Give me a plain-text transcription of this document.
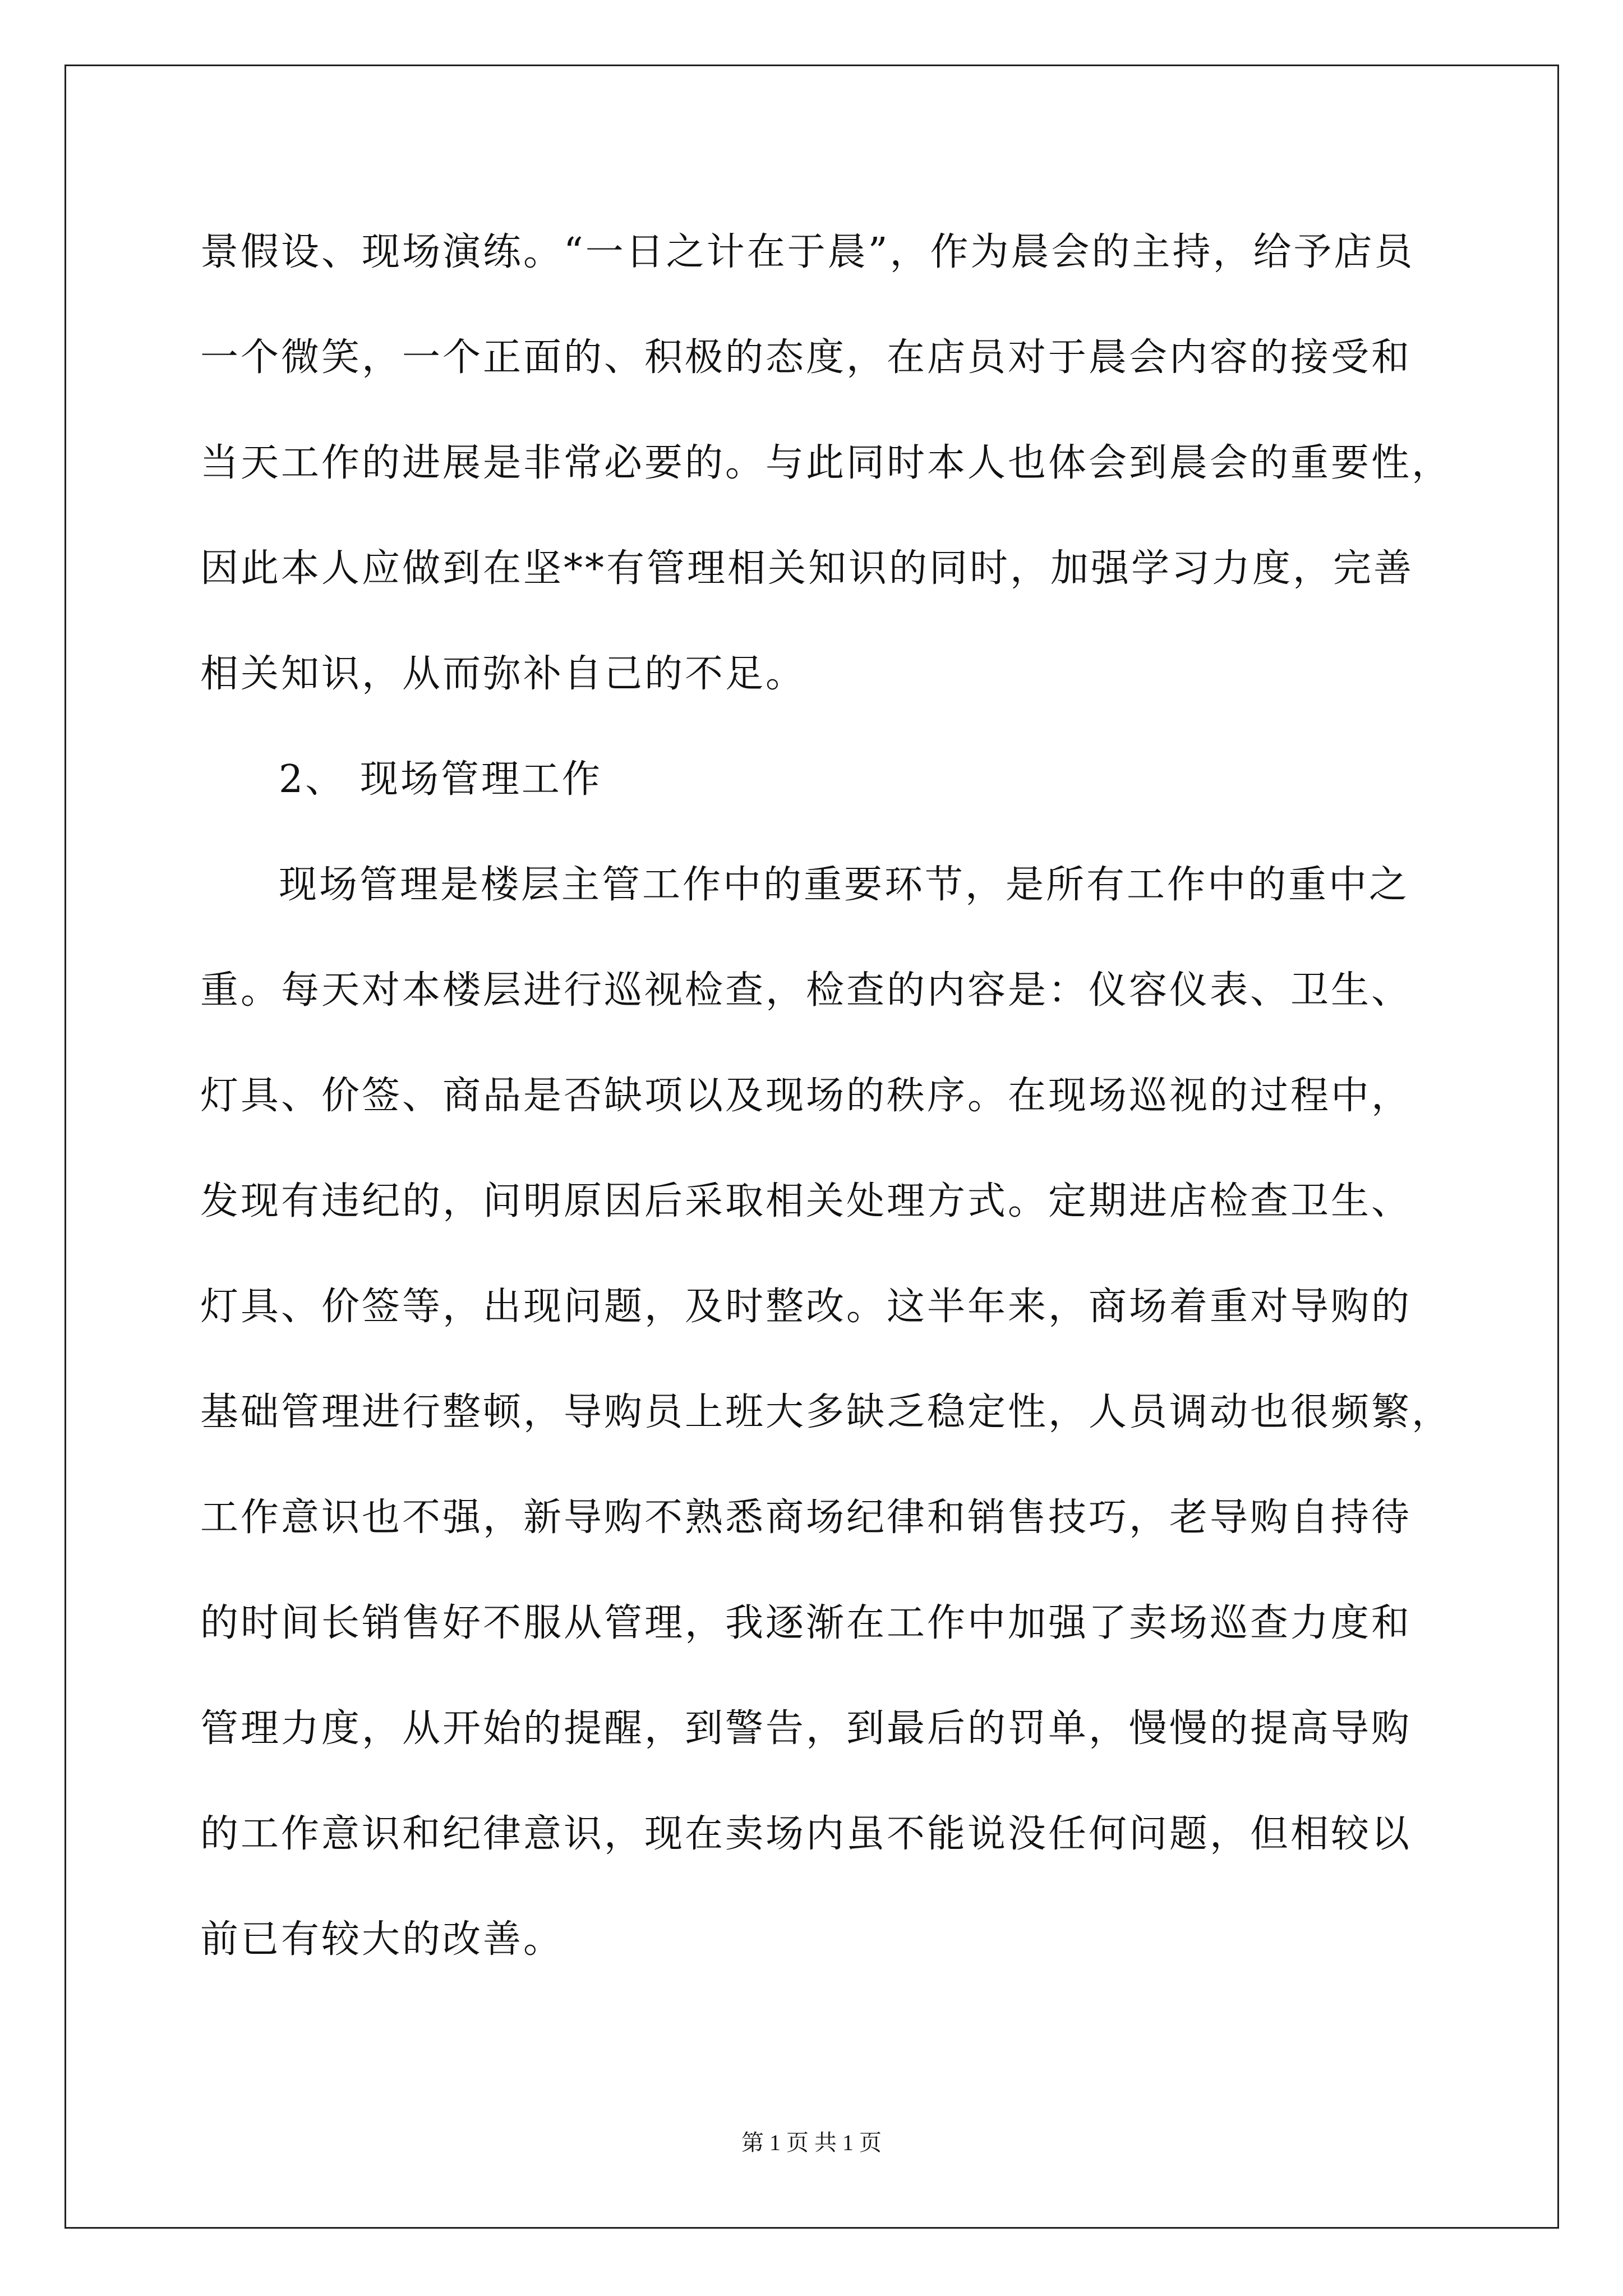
景假设、现场演练。“一日之计在于晨”，作为晨会的主持，给予店员
一个微笑，一个正面的、积极的态度，在店员对于晨会内容的接受和
当天工作的进展是非常必要的。与此同时本人也体会到晨会的重要性，
因此本人应做到在坚**有管理相关知识的同时，加强学习力度，完善
相关知识，从而弥补自己的不足。
2、 现场管理工作
现场管理是楼层主管工作中的重要环节，是所有工作中的重中之
重。每天对本楼层进行巡视检查，检查的内容是：仪容仪表、卫生、
灯具、价签、商品是否缺项以及现场的秩序。在现场巡视的过程中，
发现有违纪的，问明原因后采取相关处理方式。定期进店检查卫生、
灯具、价签等，出现问题，及时整改。这半年来，商场着重对导购的
基础管理进行整顿，导购员上班大多缺乏稳定性，人员调动也很频繁，
工作意识也不强，新导购不熟悉商场纪律和销售技巧，老导购自持待
的时间长销售好不服从管理，我逐渐在工作中加强了卖场巡查力度和
管理力度，从开始的提醒，到警告，到最后的罚单，慢慢的提高导购
的工作意识和纪律意识，现在卖场内虽不能说没任何问题，但相较以
前已有较大的改善。
第 1 页 共 1 页
